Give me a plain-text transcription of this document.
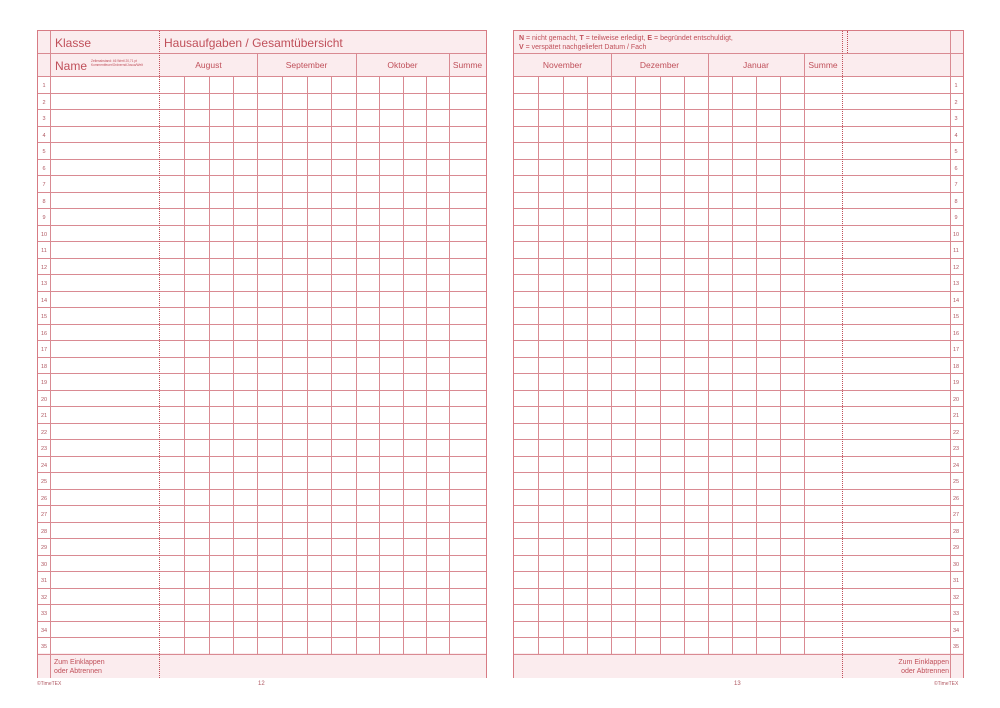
Klasse	Hausaufgaben / Gesamtübersicht
Name Zellenabstand: 46 Wertl 20,71 pt Kommentfeuer/Ordnernd/Josua/Welt	August	September	Oktober	Summe
Zum Einklappen
oder Abtrennen
1
2
3
4
5
6
7
8
9
10
11
12
13
14
15
16
17
18
19
20
21
22
23
24
25
26
27
28
29
30
31
32
33
34
35
N = nicht gemacht, T = teilweise erledigt, E = begründet entschuldigt,
V = verspätet nachgeliefert Datum / Fach
November	Dezember	Januar	Summe
Zum Einklappen
oder Abtrennen
1
2
3
4
5
6
7
8
9
10
11
12
13
14
15
16
17
18
19
20
21
22
23
24
25
26
27
28
29
30
31
32
33
34
35
12	13
©TimeTEX	©TimeTEX
